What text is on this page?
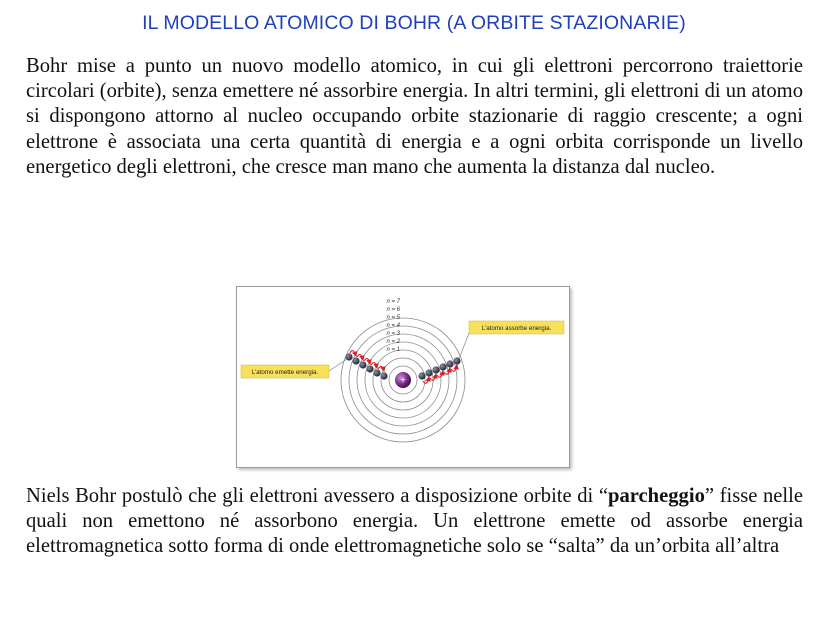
IL MODELLO ATOMICO DI BOHR (A ORBITE STAZIONARIE)

Bohr mise a punto un nuovo modello atomico, in cui gli elettroni percorrono traiettorie circolari (orbite), senza emettere né assorbire energia. In altri termini, gli elettroni di un atomo si dispongono attorno al nucleo occupando orbite stazionarie di raggio crescente; a ogni elettrone è associata una certa quantità di energia e a ogni orbita corrisponde un livello energetico degli elettroni, che cresce man mano che aumenta la distanza dal nucleo.

n = 7
n = 6
n = 5
n = 4
n = 3
n = 2
n = 1
+
L’atomo assorbe energia.
L’atomo emette energia.

Niels Bohr postulò che gli elettroni avessero a disposizione orbite di “parcheggio” fisse nelle quali non emettono né assorbono energia. Un elettrone emette od assorbe energia elettromagnetica sotto forma di onde elettromagnetiche solo se “salta” da un’orbita all’altra
